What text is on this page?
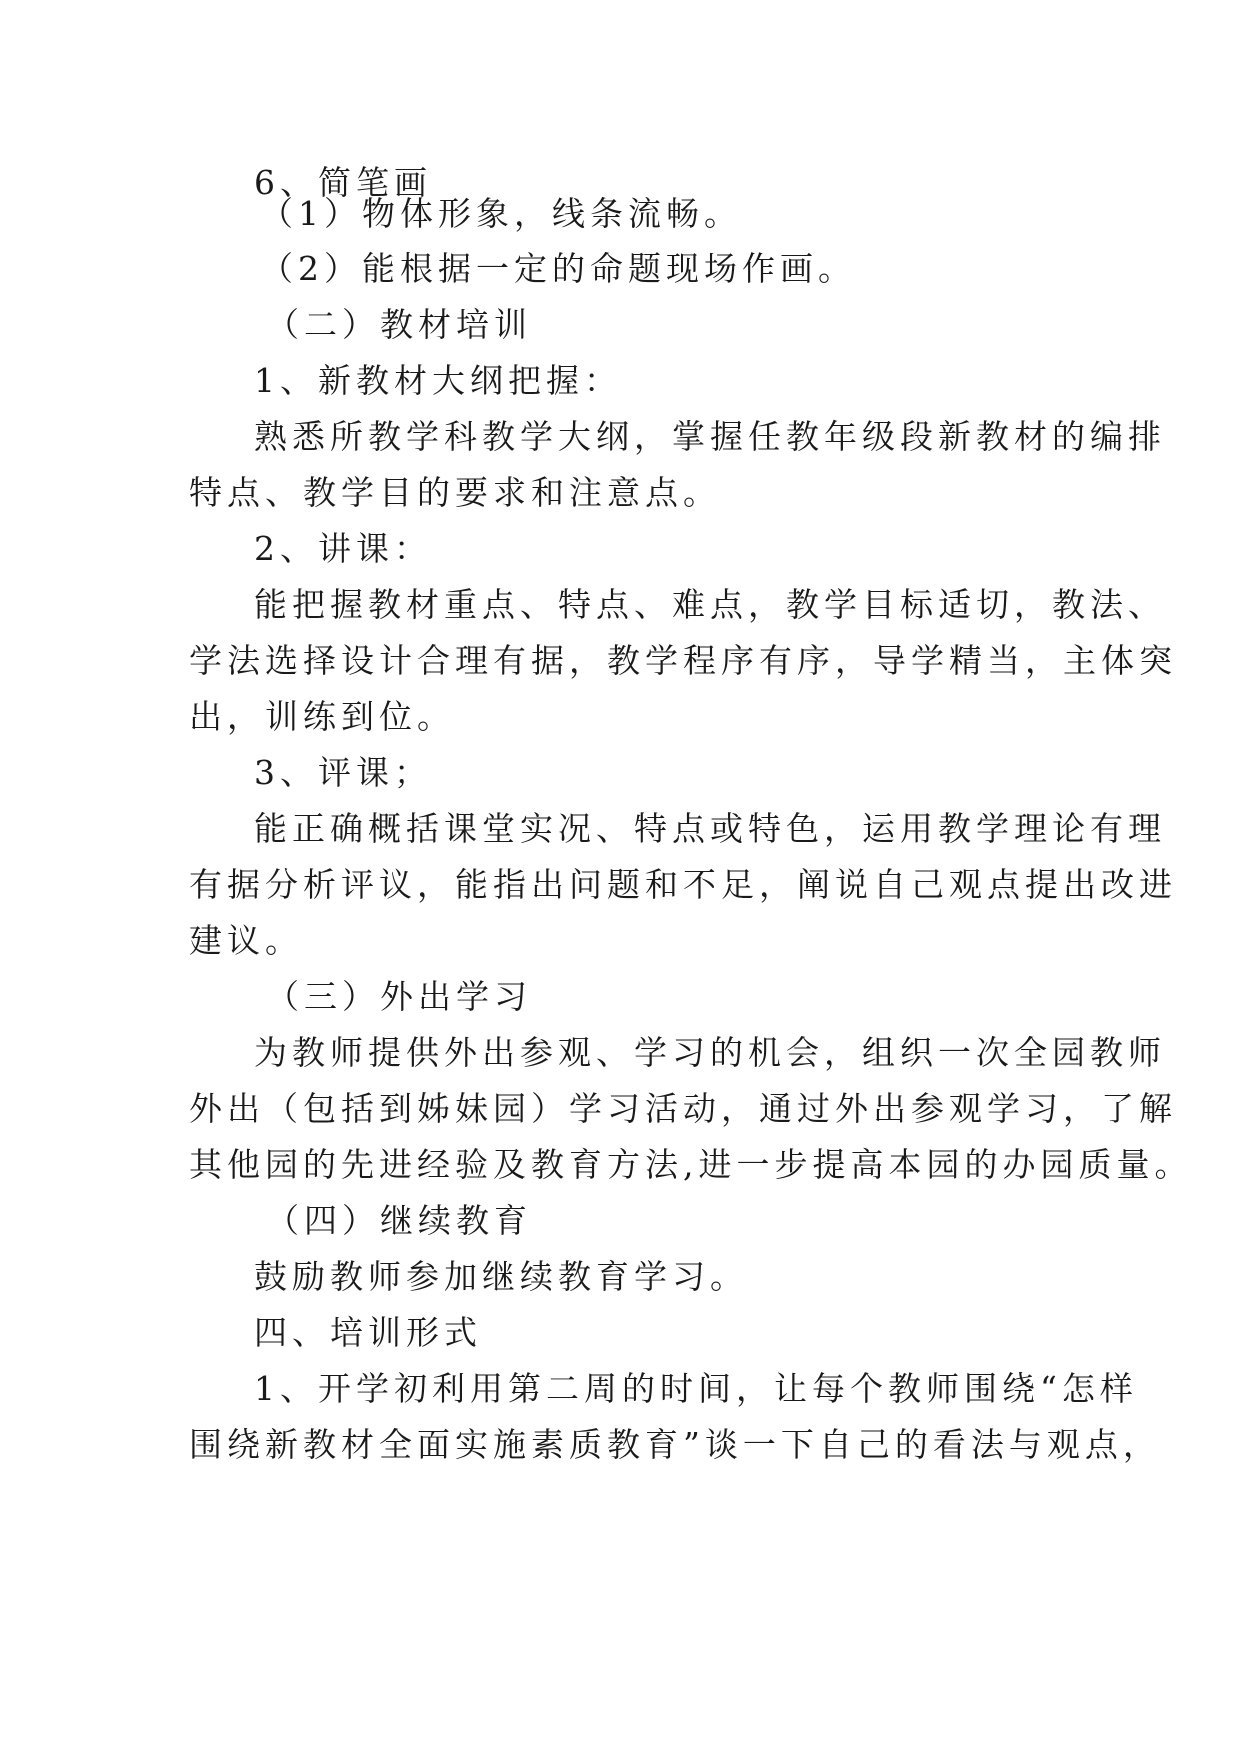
6、简笔画
（1）物体形象，线条流畅。
（2）能根据一定的命题现场作画。
（二）教材培训
1、新教材大纲把握：
熟悉所教学科教学大纲，掌握任教年级段新教材的编排
特点、教学目的要求和注意点。
2、讲课：
能把握教材重点、特点、难点，教学目标适切，教法、
学法选择设计合理有据，教学程序有序，导学精当，主体突
出，训练到位。
3、评课；
能正确概括课堂实况、特点或特色，运用教学理论有理
有据分析评议，能指出问题和不足，阐说自己观点提出改进
建议。
（三）外出学习
为教师提供外出参观、学习的机会，组织一次全园教师
外出（包括到姊妹园）学习活动，通过外出参观学习，了解
其他园的先进经验及教育方法,进一步提高本园的办园质量。
（四）继续教育
鼓励教师参加继续教育学习。
四、培训形式
1、开学初利用第二周的时间，让每个教师围绕“怎样
围绕新教材全面实施素质教育”谈一下自己的看法与观点，
